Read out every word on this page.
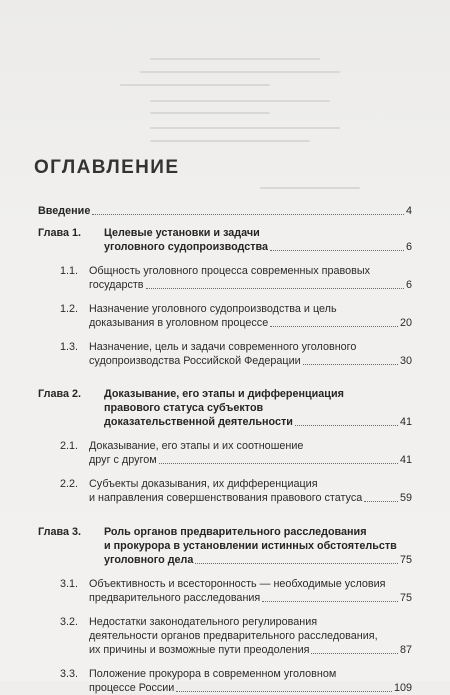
ОГЛАВЛЕНИЕ
Введение	4
Глава 1. Целевые установки и задачи
уголовного судопроизводства	6
1.1. Общность уголовного процесса современных правовых
государств	6
1.2. Назначение уголовного судопроизводства и цель
доказывания в уголовном процессе	20
1.3. Назначение, цель и задачи современного уголовного
судопроизводства Российской Федерации	30
Глава 2. Доказывание, его этапы и дифференциация
правового статуса субъектов
доказательственной деятельности	41
2.1. Доказывание, его этапы и их соотношение
друг с другом	41
2.2. Субъекты доказывания, их дифференциация
и направления совершенствования правового статуса	59
Глава 3. Роль органов предварительного расследования
и прокурора в установлении истинных обстоятельств
уголовного дела	75
3.1. Объективность и всесторонность — необходимые условия
предварительного расследования	75
3.2. Недостатки законодательного регулирования
деятельности органов предварительного расследования,
их причины и возможные пути преодоления	87
3.3. Положение прокурора в современном уголовном
процессе России	109
